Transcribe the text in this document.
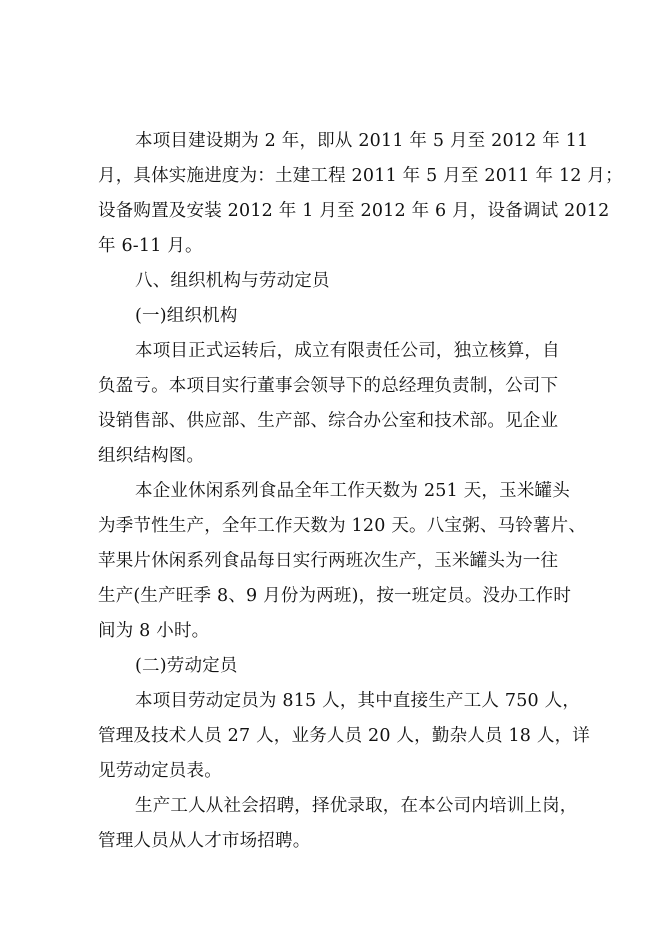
本项目建设期为 2 年，即从 2011 年 5 月至 2012 年 11
月，具体实施进度为：土建工程 2011 年 5 月至 2011 年 12 月；
设备购置及安装 2012 年 1 月至 2012 年 6 月，设备调试 2012
年 6-11 月。
八、组织机构与劳动定员
(一)组织机构
本项目正式运转后，成立有限责任公司，独立核算，自
负盈亏。本项目实行董事会领导下的总经理负责制，公司下
设销售部、供应部、生产部、综合办公室和技术部。见企业
组织结构图。
本企业休闲系列食品全年工作天数为 251 天，玉米罐头
为季节性生产，全年工作天数为 120 天。八宝粥、马铃薯片、
苹果片休闲系列食品每日实行两班次生产，玉米罐头为一往
生产(生产旺季 8、9 月份为两班)，按一班定员。没办工作时
间为 8 小时。
(二)劳动定员
本项目劳动定员为 815 人，其中直接生产工人 750 人，
管理及技术人员 27 人，业务人员 20 人，勤杂人员 18 人，详
见劳动定员表。
生产工人从社会招聘，择优录取，在本公司内培训上岗，
管理人员从人才市场招聘。
